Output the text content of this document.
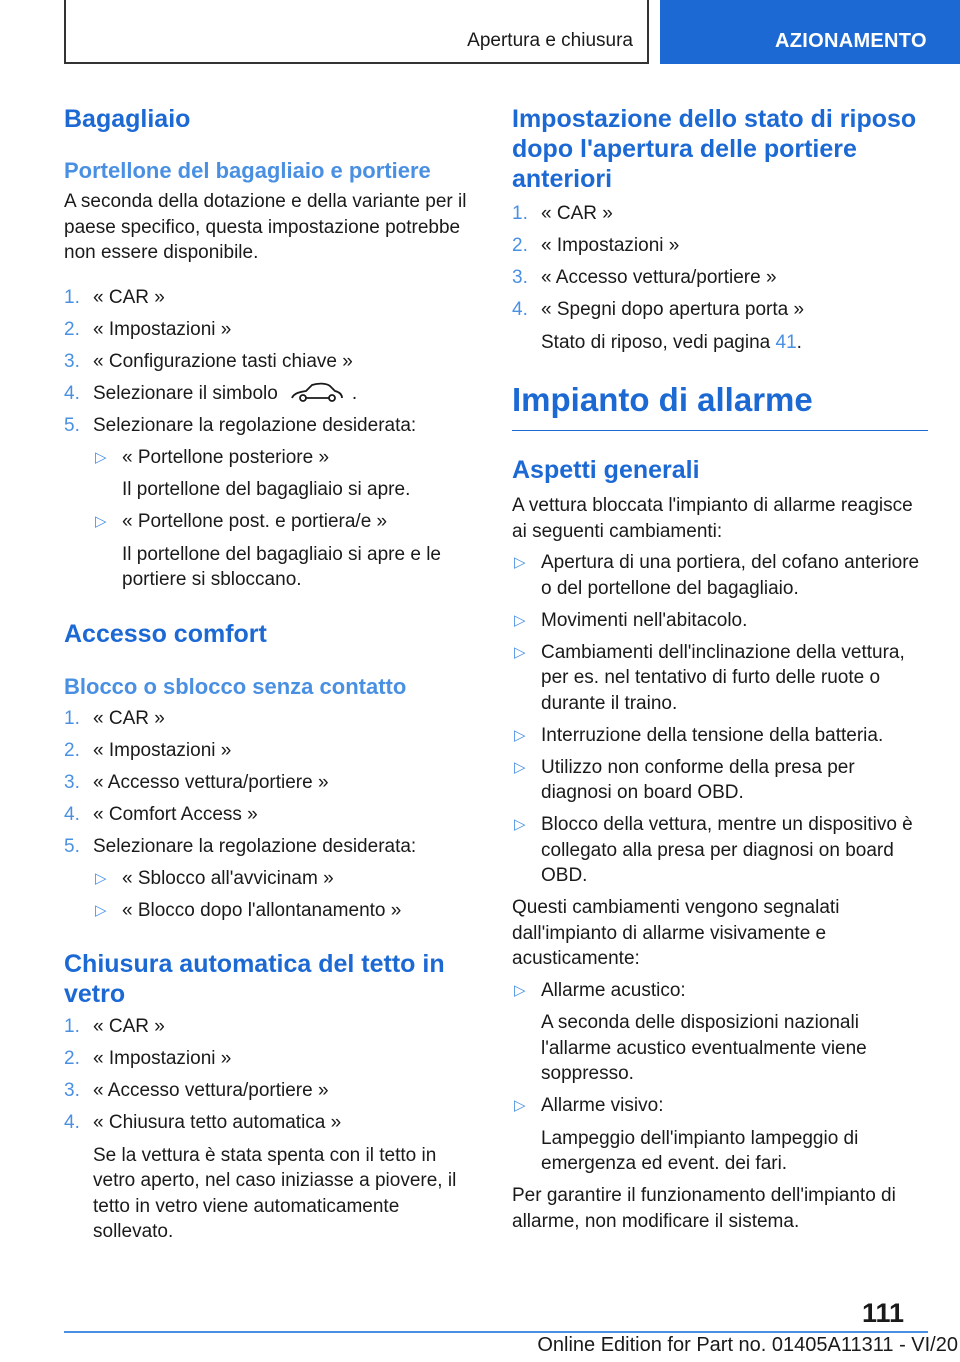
Apertura e chiusura	AZIONAMENTO
Bagagliaio
Portellone del bagagliaio e portiere

A seconda della dotazione e della variante per il paese specifico, questa impostazione potrebbe non essere disponibile.

1. « CAR »
2. « Impostazioni »
3. « Configurazione tasti chiave »
4. Selezionare il simbolo	.
5. Selezionare la regolazione desiderata:
▷ « Portellone posteriore »
Il portellone del bagagliaio si apre.
▷ « Portellone post. e portiera/e »
Il portellone del bagagliaio si apre e le portiere si sbloccano.
Accesso comfort
Blocco o sblocco senza contatto
1. « CAR »
2. « Impostazioni »
3. « Accesso vettura/portiere »
4. « Comfort Access »
5. Selezionare la regolazione desiderata:
▷ « Sblocco all'avvicinam »
▷ « Blocco dopo l'allontanamento »
Chiusura automatica del tetto in vetro
1. « CAR »
2. « Impostazioni »
3. « Accesso vettura/portiere »
4. « Chiusura tetto automatica »
Se la vettura è stata spenta con il tetto in vetro aperto, nel caso iniziasse a piovere, il tetto in vetro viene automaticamente sollevato.
Impostazione dello stato di riposo dopo l'apertura delle portiere anteriori
1. « CAR »
2. « Impostazioni »
3. « Accesso vettura/portiere »
4. « Spegni dopo apertura porta »
Stato di riposo, vedi pagina 41.
Impianto di allarme
Aspetti generali

A vettura bloccata l'impianto di allarme reagisce ai seguenti cambiamenti:

▷ Apertura di una portiera, del cofano anteriore o del portellone del bagagliaio.
▷ Movimenti nell'abitacolo.
▷ Cambiamenti dell'inclinazione della vettura, per es. nel tentativo di furto delle ruote o durante il traino.
▷ Interruzione della tensione della batteria.
▷ Utilizzo non conforme della presa per diagnosi on board OBD.
▷ Blocco della vettura, mentre un dispositivo è collegato alla presa per diagnosi on board OBD.

Questi cambiamenti vengono segnalati dall'impianto di allarme visivamente e acusticamente:

▷ Allarme acustico:
A seconda delle disposizioni nazionali l'allarme acustico eventualmente viene soppresso.
▷ Allarme visivo:
Lampeggio dell'impianto lampeggio di emergenza ed event. dei fari.

Per garantire il funzionamento dell'impianto di allarme, non modificare il sistema.

111
Online Edition for Part no. 01405A11311 - VI/20
